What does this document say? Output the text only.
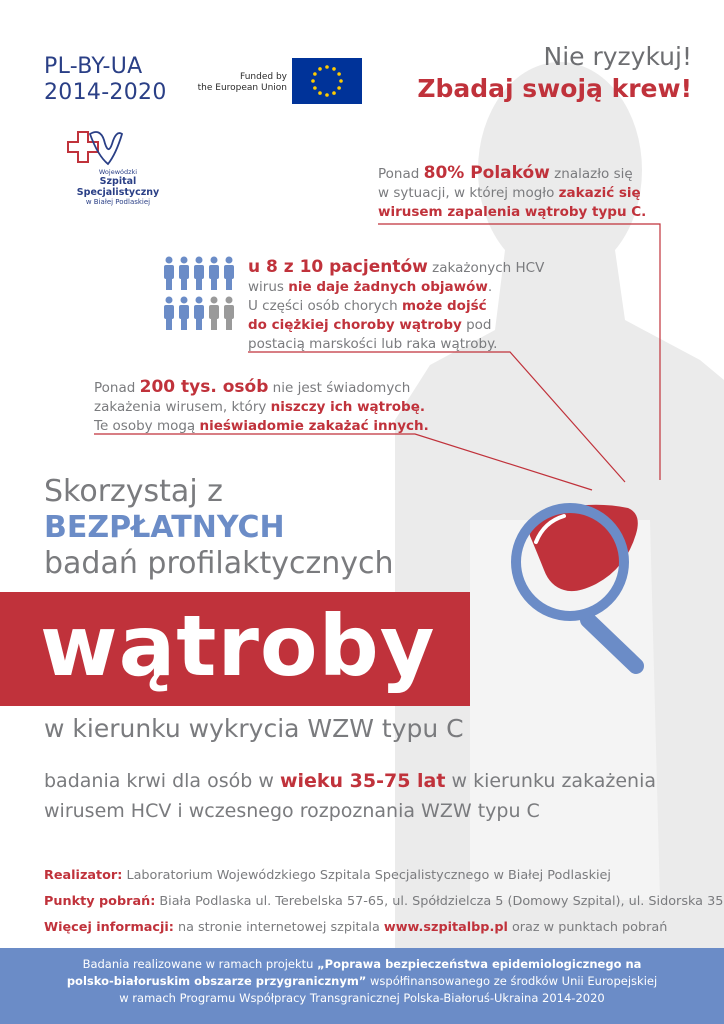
PL-BY-UA
2014-2020
Funded by
the European Union
Wojewódzki
Szpital Specjalistyczny
w Białej Podlaskiej
Nie ryzykuj!
Zbadaj swoją krew!
Ponad 80% Polaków znalazło się
w sytuacji, w której mogło zakazić się
wirusem zapalenia wątroby typu C.
u 8 z 10 pacjentów zakażonych HCV
wirus nie daje żadnych objawów.
U części osób chorych może dojść
do ciężkiej choroby wątroby pod
postacią marskości lub raka wątroby.
Ponad 200 tys. osób nie jest świadomych
zakażenia wirusem, który niszczy ich wątrobę.
Te osoby mogą nieświadomie zakażać innych.
Skorzystaj z
BEZPŁATNYCH
badań profilaktycznych
wątroby
w kierunku wykrycia WZW typu C
badania krwi dla osób w wieku 35-75 lat w kierunku zakażenia
wirusem HCV i wczesnego rozpoznania WZW typu C
Realizator: Laboratorium Wojewódzkiego Szpitala Specjalistycznego w Białej Podlaskiej
Punkty pobrań: Biała Podlaska ul. Terebelska 57-65, ul. Spółdzielcza 5 (Domowy Szpital), ul. Sidorska 35
Więcej informacji: na stronie internetowej szpitala www.szpitalbp.pl oraz w punktach pobrań
Badania realizowane w ramach projektu „Poprawa bezpieczeństwa epidemiologicznego na
polsko-białoruskim obszarze przygranicznym” współfinansowanego ze środków Unii Europejskiej
w ramach Programu Współpracy Transgranicznej Polska-Białoruś-Ukraina 2014-2020
